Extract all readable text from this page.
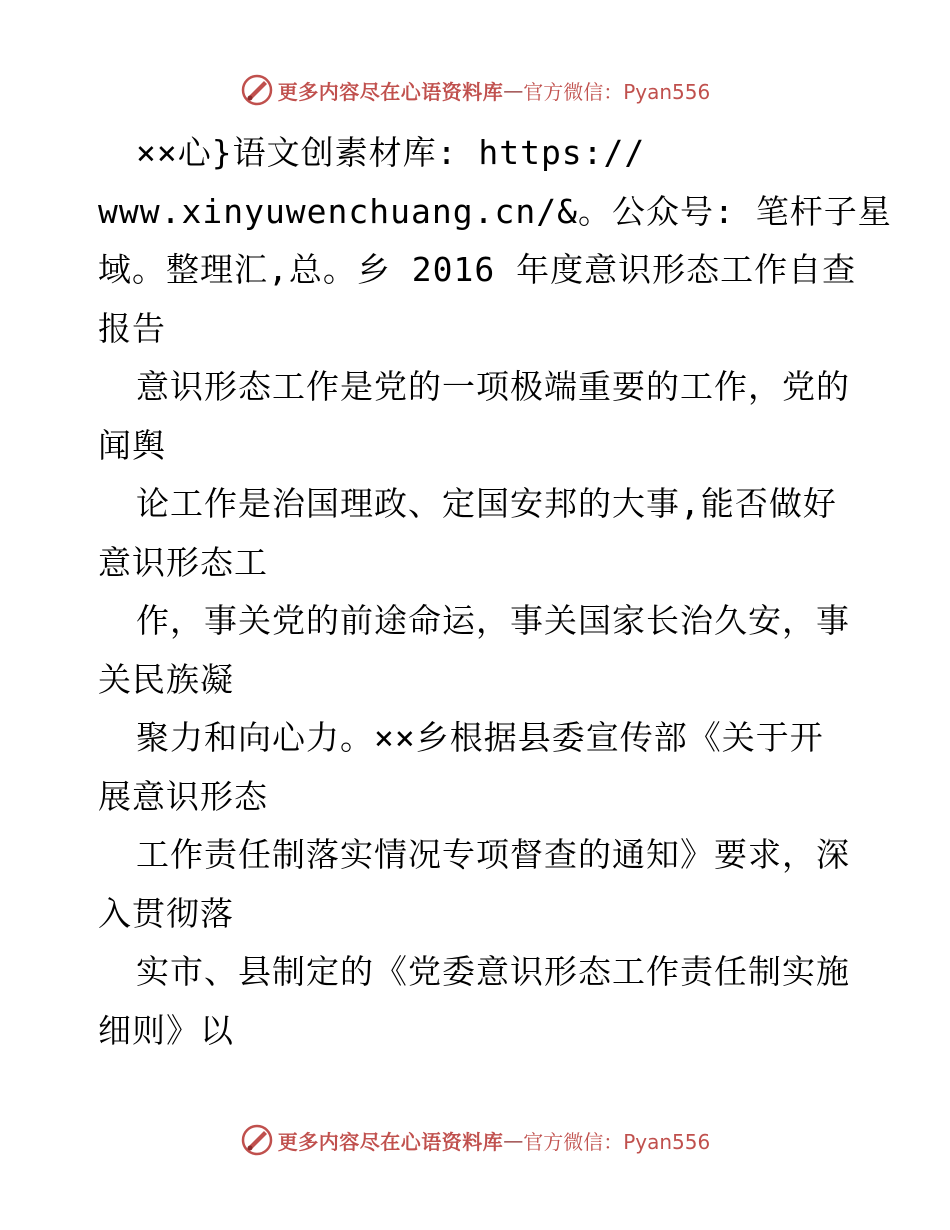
更多内容尽在心语资料库 — 官方微信：Pyan556
××心}语文创素材库: https://
www.xinyuwenchuang.cn/&。公众号: 笔杆子星
域。整理汇,总。乡 2016 年度意识形态工作自查
报告
意识形态工作是党的一项极端重要的工作，党的
闻舆
论工作是治国理政、定国安邦的大事,能否做好
意识形态工
作，事关党的前途命运，事关国家长治久安，事
关民族凝
聚力和向心力。××乡根据县委宣传部《关于开
展意识形态
工作责任制落实情况专项督查的通知》要求，深
入贯彻落
实市、县制定的《党委意识形态工作责任制实施
细则》以
更多内容尽在心语资料库 — 官方微信：Pyan556
